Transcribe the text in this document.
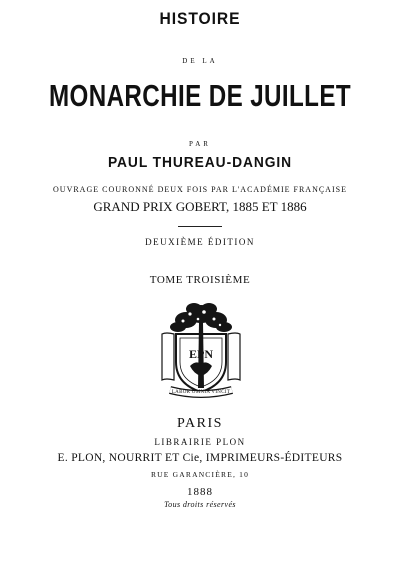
HISTOIRE
DE LA
MONARCHIE DE JUILLET
PAR
PAUL THUREAU-DANGIN
OUVRAGE COURONNÉ DEUX FOIS PAR L'ACADÉMIE FRANÇAISE
GRAND PRIX GOBERT, 1885 ET 1886
DEUXIÈME ÉDITION
TOME TROISIÈME
EPN
LABOR OMNIA VINCIT
PARIS
LIBRAIRIE PLON
E. PLON, NOURRIT ET Cie, IMPRIMEURS-ÉDITEURS
RUE GARANCIÈRE, 10
1888
Tous droits réservés
